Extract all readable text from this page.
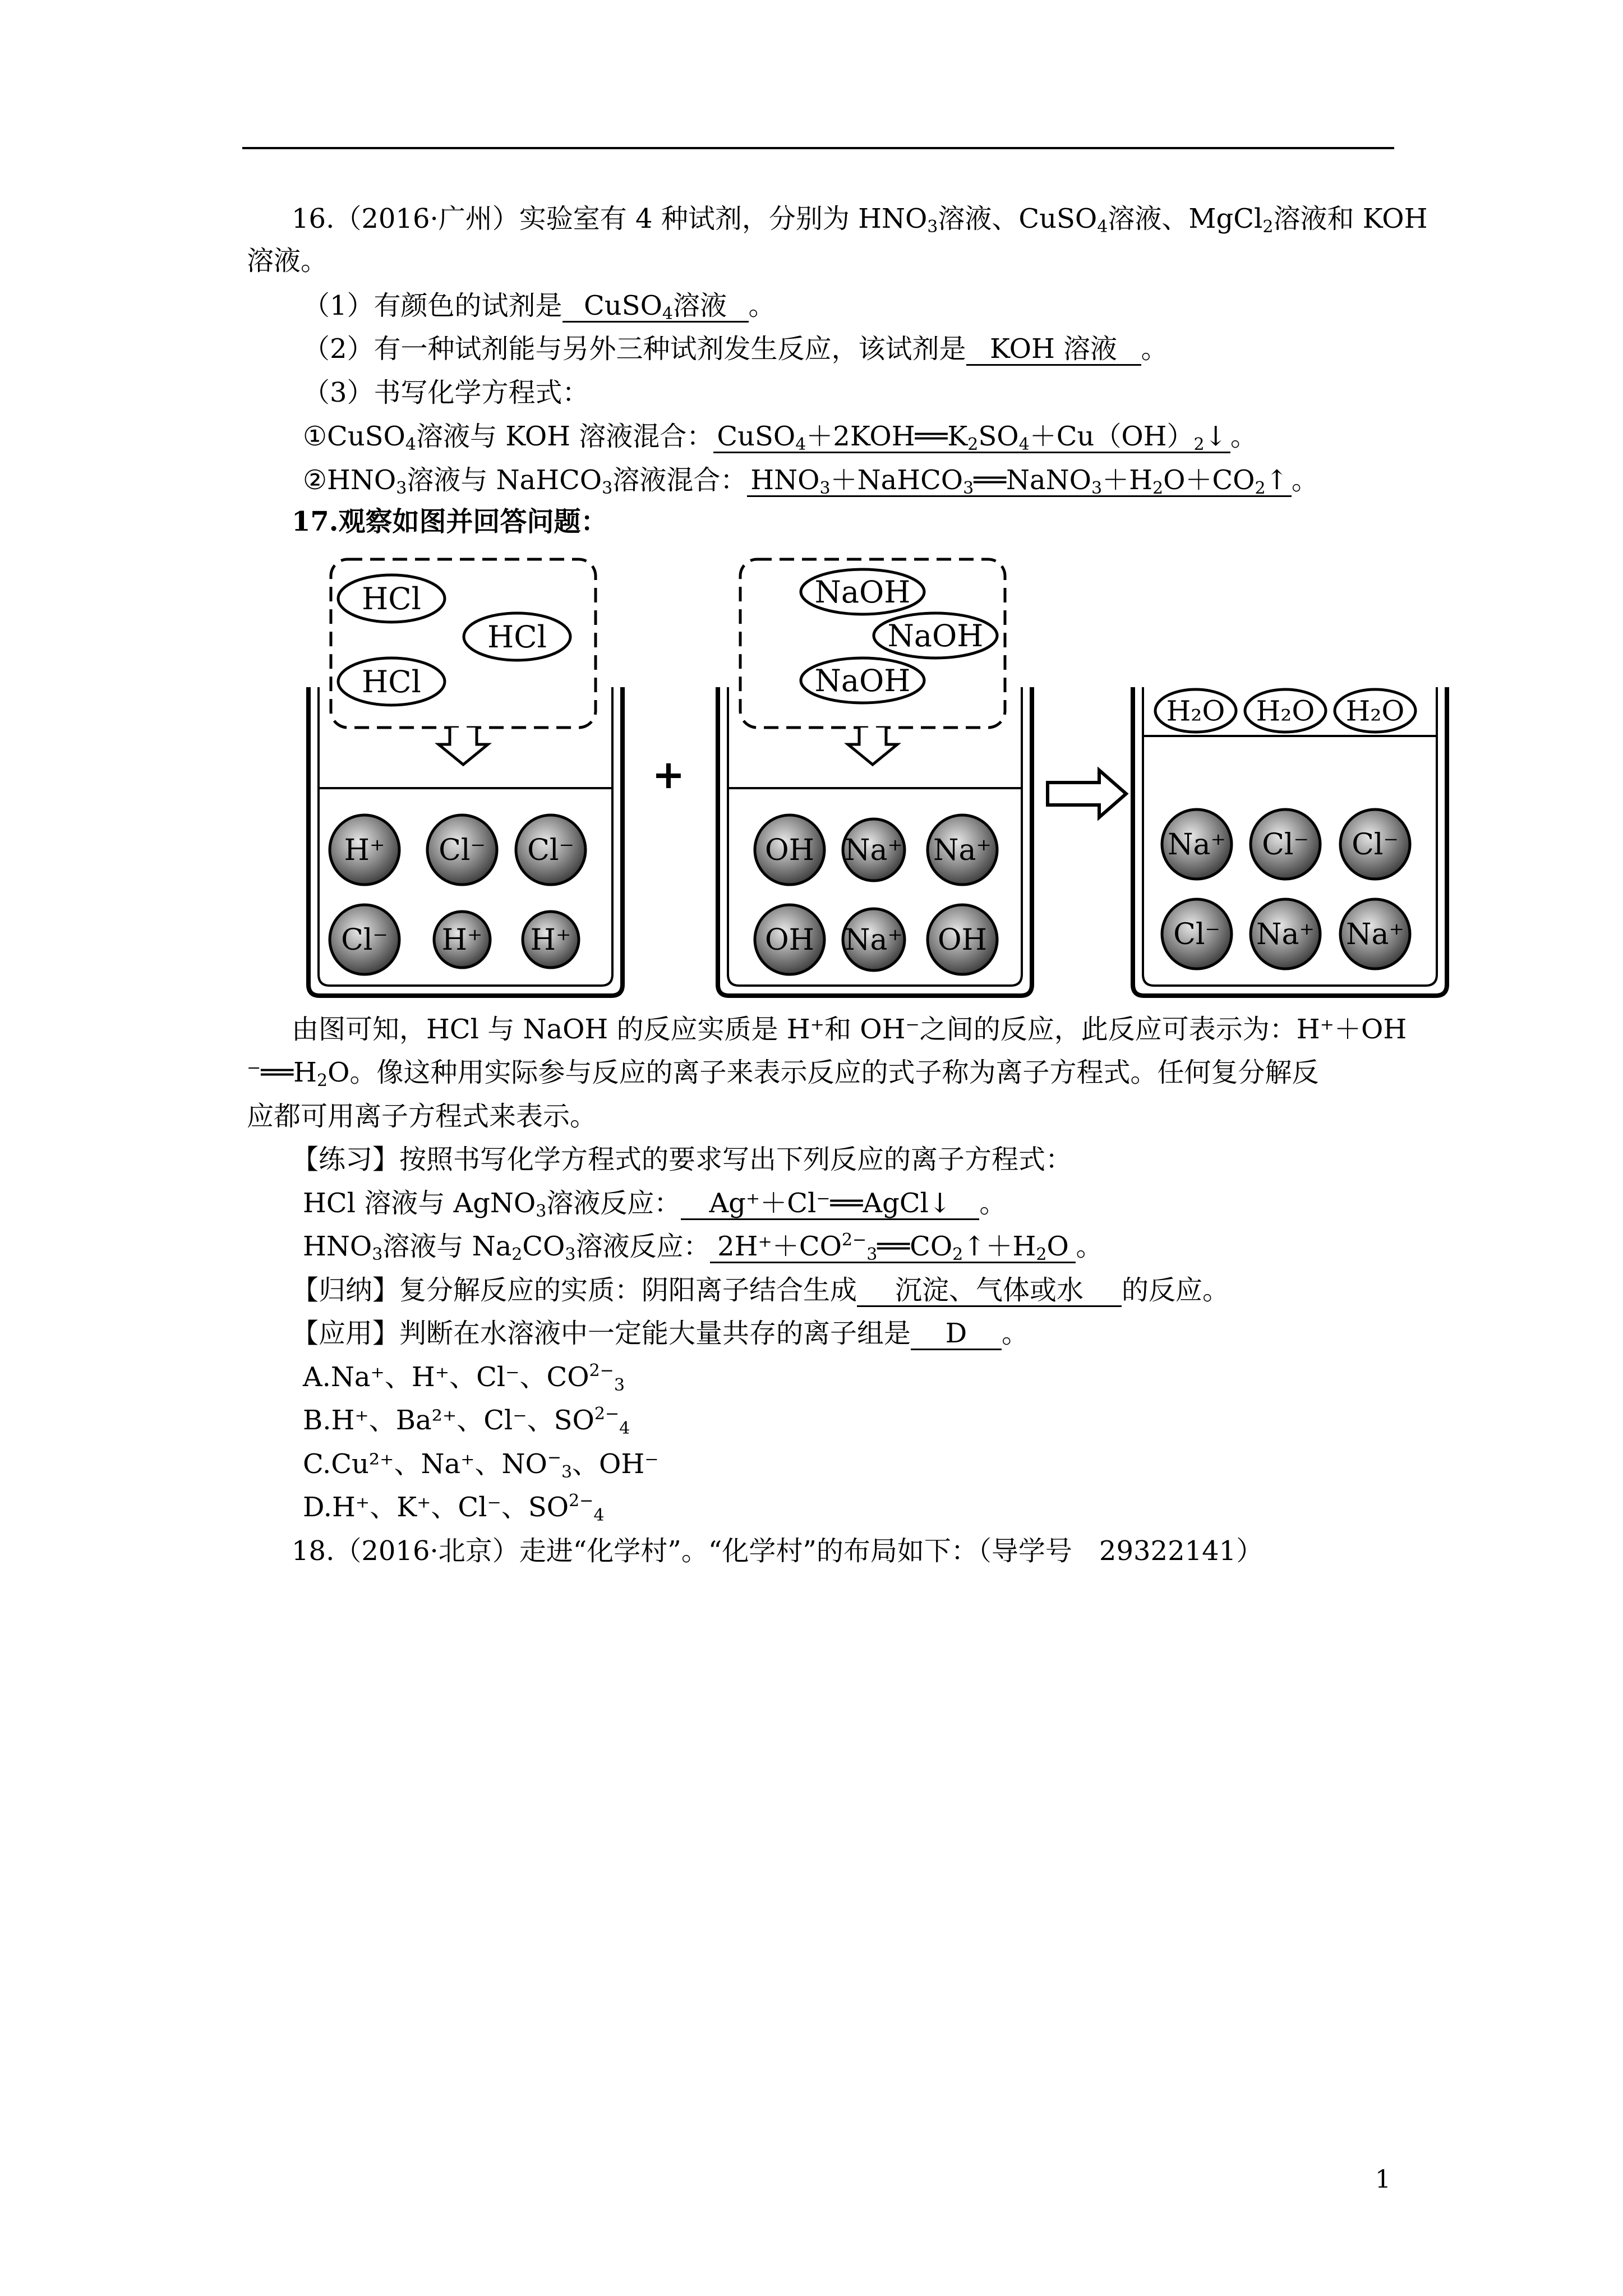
16.（2016·广州）实验室有 4 种试剂，分别为 $HNO_3$溶液、CuSO$_4$溶液、MgCl$_2$溶液和 KOH
溶液。
（1）有颜色的试剂是 CuSO$_4$溶液 。
（2）有一种试剂能与另外三种试剂发生反应，该试剂是 KOH 溶液 。
（3）书写化学方程式：
①CuSO$_4$溶液与 KOH 溶液混合： $CuSO_4+2KOH══K_2SO_4+Cu(OH)_2↓$ 。
$②HNO_3$溶液与 NaHCO$_3$溶液混合： $HNO_3+NaHCO_3══NaNO_3+H_2O+CO_2↑$ 。
17.观察如图并回答问题：
HCl
HCl
HCl
NaOH
NaOH
NaOH
H₂O H₂O H₂O
H⁺ Cl⁻ Cl⁻
Cl⁻ H⁺ H⁺
OH Na⁺ Na⁺
OH Na⁺ OH
Na⁺ Cl⁻ Cl⁻
Cl⁻ Na⁺ Na⁺
+
由图可知，HCl 与 NaOH 的反应实质是 H⁺和 OH⁻之间的反应，此反应可表示为：H⁺＋OH
$^-══H_2O$。像这种用实际参与反应的离子来表示反应的式子称为离子方程式。任何复分解反
应都可用离子方程式来表示。
【练习】按照书写化学方程式的要求写出下列反应的离子方程式：
HCl 溶液与 AgNO$_3$溶液反应： Ag⁺＋Cl⁻══AgCl↓ 。
$HNO_3$溶液与 $Na_2CO_3$溶液反应： $2H^++CO^{2-}_3══CO_2↑+H_2O$ 。
【归纳】复分解反应的实质：阴阳离子结合生成 沉淀、气体或水 的反应。
【应用】判断在水溶液中一定能大量共存的离子组是 D 。
A.Na⁺、H⁺、Cl⁻、$CO^{2-}_3$
B.H⁺、Ba²⁺、Cl⁻、$SO^{2-}_4$
C.Cu²⁺、Na⁺、$NO^-_3$、OH⁻
D.H⁺、K⁺、Cl⁻、$SO^{2-}_4$
18.（2016·北京）走进“化学村”。“化学村”的布局如下：（导学号　29322141）
1
